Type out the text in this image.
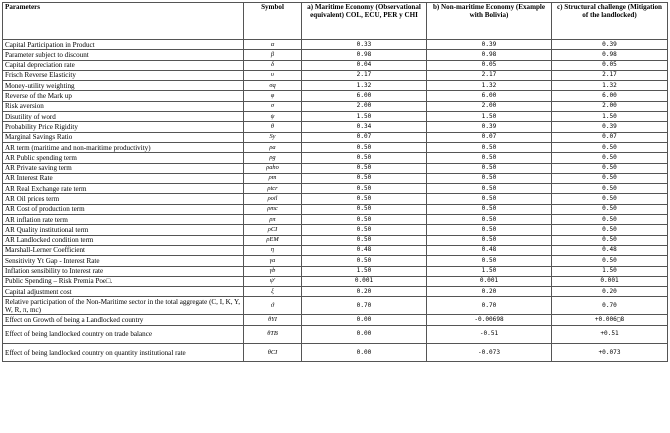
Parameters	Symbol	a) Maritime Economy (Observational equivalent) COL, ECU, PER y CHI	b) Non-maritime Economy (Example with Bolivia)	c) Structural challenge (Mitigation of the landlocked)
Capital Participation in Product	α	0.33	0.39	0.39
Parameter subject to discount	β	0.98	0.98	0.98
Capital depreciation rate	δ	0.04	0.05	0.05
Frisch Reverse Elasticity	υ	2.17	2.17	2.17
Money-utility weighting	σq	1.32	1.32	1.32
Reverse of the Mark up	φ	6.00	6.00	6.00
Risk aversion	σ	2.00	2.00	2.00
Disutility of word	ψ	1.50	1.50	1.50
Probability Price Rigidity	θ	0.34	0.39	0.39
Marginal Savings Ratio	Sy	0.07	0.07	0.07
AR term (maritime and non-maritime productivity)	ρa	0.50	0.50	0.50
AR Public spending term	ρg	0.50	0.50	0.50
AR Private saving term	ρaho	0.50	0.50	0.50
AR Interest Rate	ρm	0.50	0.50	0.50
AR Real Exchange rate term	ρtcr	0.50	0.50	0.50
AR Oil prices term	ρoil	0.50	0.50	0.50
AR Cost of production term	ρmc	0.50	0.50	0.50
AR inflation rate term	ρπ	0.50	0.50	0.50
AR Quality institutional term	ρCI	0.50	0.50	0.50
AR Landlocked condition term	ρEM	0.50	0.50	0.50
Marshall-Lerner Coefficient	η	0.48	0.48	0.48
Sensitivity Yt Gap - Interest Rate	γa	0.50	0.50	0.50
Inflation sensibility to Interest rate	γb	1.50	1.50	1.50
Public Spending – Risk Premia Poe□.	ψ'	0.001	0.001	0.001
Capital adjustment cost	ξ	0.20	0.20	0.20
Relative participation of the Non-Maritime sector in the total aggregate (C, I, K, Y, W, R, π, mc)	ϑ	0.70	0.70	0.70
Effect on Growth of being a Landlocked country	θYI	0.00	-0.00698	+0.006□8
Effect of being landlocked country on trade balance	θTB	0.00	-0.51	+0.51
Effect of being landlocked country on quantity institutional rate	θCI	0.00	-0.073	+0.073
